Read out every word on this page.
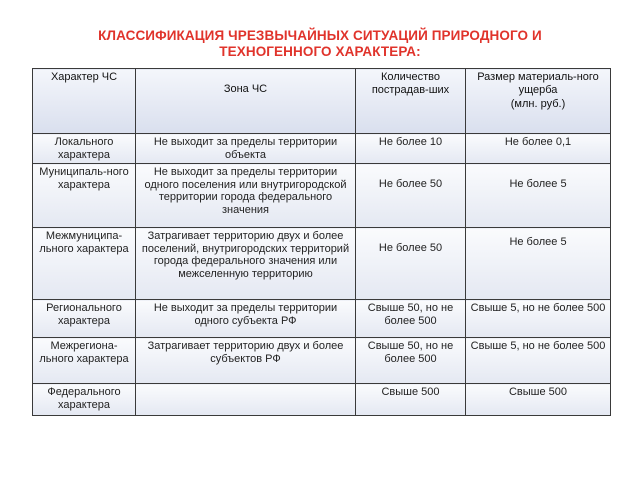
КЛАССИФИКАЦИЯ ЧРЕЗВЫЧАЙНЫХ СИТУАЦИЙ ПРИРОДНОГО И
ТЕХНОГЕННОГО ХАРАКТЕРА:
Характер ЧС	Зона ЧС	Количество пострадав-ших	Размер материаль-ного ущерба
(млн. руб.)

Локального характера	Не выходит за пределы территории объекта	Не более 10	Не более 0,1
Муниципаль-ного характера	Не выходит за пределы территории одного поселения или внутригородской территории города федерального значения	Не более 50	Не более 5
Межмуниципа-льного характера	Затрагивает территорию двух и более поселений, внутригородских территорий города федерального значения или межселенную территорию	Не более 50	Не более 5
Регионального характера	Не выходит за пределы территории одного субъекта РФ	Свыше 50, но не более 500	Свыше 5, но не более 500
Межрегиона-льного характера	Затрагивает территорию двух и более субъектов РФ	Свыше 50, но не более 500	Свыше 5, но не более 500
Федерального характера		Свыше 500	Свыше 500
